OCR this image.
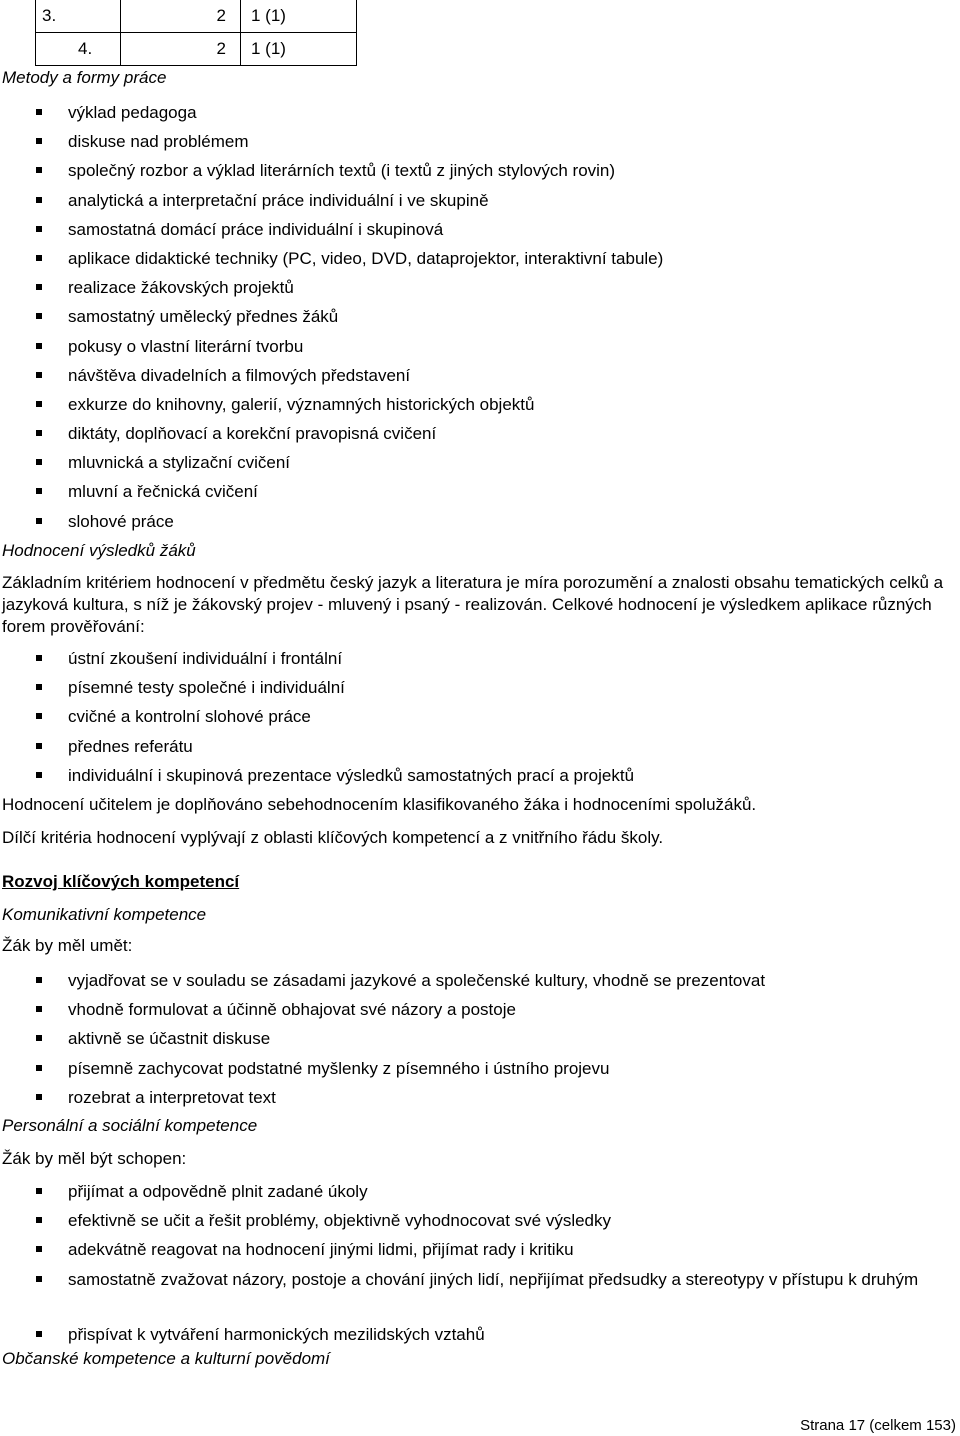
3.	2	1 (1)
4.	2	1 (1)
Metody a formy práce
výklad pedagoga
diskuse nad problémem
společný rozbor a výklad literárních textů (i textů z jiných stylových rovin)
analytická a interpretační práce individuální i ve skupině
samostatná domácí práce individuální i skupinová
aplikace didaktické techniky (PC, video, DVD, dataprojektor, interaktivní tabule)
realizace žákovských projektů
samostatný umělecký přednes žáků
pokusy o vlastní literární tvorbu
návštěva divadelních a filmových představení
exkurze do knihovny, galerií, významných historických objektů
diktáty, doplňovací a korekční pravopisná cvičení
mluvnická a stylizační cvičení
mluvní a řečnická cvičení
slohové práce
Hodnocení výsledků žáků
Základním kritériem hodnocení v předmětu český jazyk a literatura je míra porozumění a znalosti obsahu tematických celků a jazyková kultura, s níž je žákovský projev - mluvený i psaný - realizován. Celkové hodnocení je výsledkem aplikace různých forem prověřování:
ústní zkoušení individuální i frontální
písemné testy společné i individuální
cvičné a kontrolní slohové práce
přednes referátu
individuální i skupinová prezentace výsledků samostatných prací a projektů
Hodnocení učitelem je doplňováno sebehodnocením klasifikovaného žáka i hodnoceními spolužáků.
Dílčí kritéria hodnocení vyplývají z oblasti klíčových kompetencí a z vnitřního řádu školy.
Rozvoj klíčových kompetencí
Komunikativní kompetence
Žák by měl umět:
vyjadřovat se v souladu se zásadami jazykové a společenské kultury, vhodně se prezentovat
vhodně formulovat a účinně obhajovat své názory a postoje
aktivně se účastnit diskuse
písemně zachycovat podstatné myšlenky z písemného i ústního projevu
rozebrat a interpretovat text
Personální a sociální kompetence
Žák by měl být schopen:
přijímat a odpovědně plnit zadané úkoly
efektivně se učit a řešit problémy, objektivně vyhodnocovat své výsledky
adekvátně reagovat na hodnocení jinými lidmi, přijímat rady i kritiku
samostatně zvažovat názory, postoje a chování jiných lidí, nepřijímat předsudky a stereotypy v přístupu k druhým
přispívat k vytváření harmonických mezilidských vztahů
Občanské kompetence a kulturní povědomí
Strana 17 (celkem 153)
